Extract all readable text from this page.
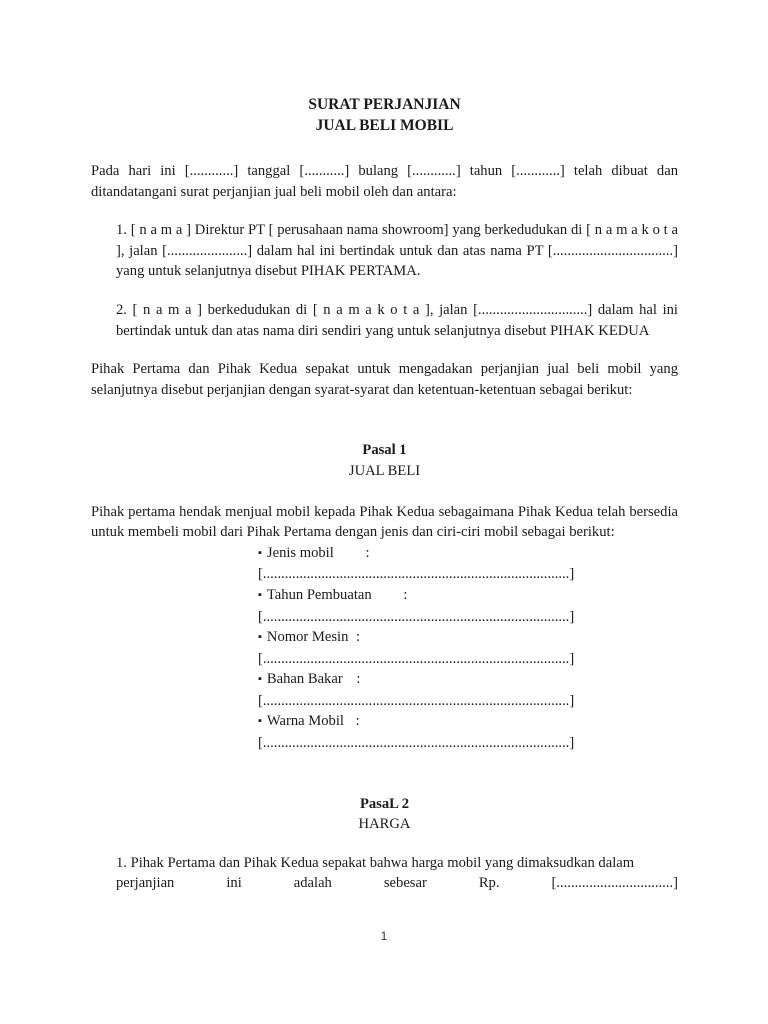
SURAT PERJANJIAN

JUAL BELI MOBIL

Pada hari ini [............] tanggal [...........] bulang [............] tahun [............] telah dibuat dan ditandatangani surat perjanjian jual beli mobil oleh dan antara:

1. [ n a m a ] Direktur PT [ perusahaan nama showroom] yang berkedudukan di [ n a m a k o t a ], jalan [......................] dalam hal ini bertindak untuk dan atas nama PT [.................................] yang untuk selanjutnya disebut PIHAK PERTAMA.

2. [ n a m a ] berkedudukan di [ n a m a k o t a ], jalan [..............................] dalam hal ini bertindak untuk dan atas nama diri sendiri yang untuk selanjutnya disebut PIHAK KEDUA

Pihak Pertama dan Pihak Kedua sepakat untuk mengadakan perjanjian jual beli mobil yang selanjutnya disebut perjanjian dengan syarat-syarat dan ketentuan-ketentuan sebagai berikut:

Pasal 1

JUAL BELI

Pihak pertama hendak menjual mobil kepada Pihak Kedua sebagaimana Pihak Kedua telah bersedia untuk membeli mobil dari Pihak Pertama dengan jenis dan ciri-ciri mobil sebagai berikut:

▪ Jenis mobil :
[....................................................................................]
▪ Tahun Pembuatan :
[....................................................................................]
▪ Nomor Mesin :
[....................................................................................]
▪ Bahan Bakar :
[....................................................................................]
▪ Warna Mobil :
[....................................................................................]

PasaL 2

HARGA

1. Pihak Pertama dan Pihak Kedua sepakat bahwa harga mobil yang dimaksudkan dalam
perjanjian	ini	adalah	sebesar	Rp.	[................................]
1
